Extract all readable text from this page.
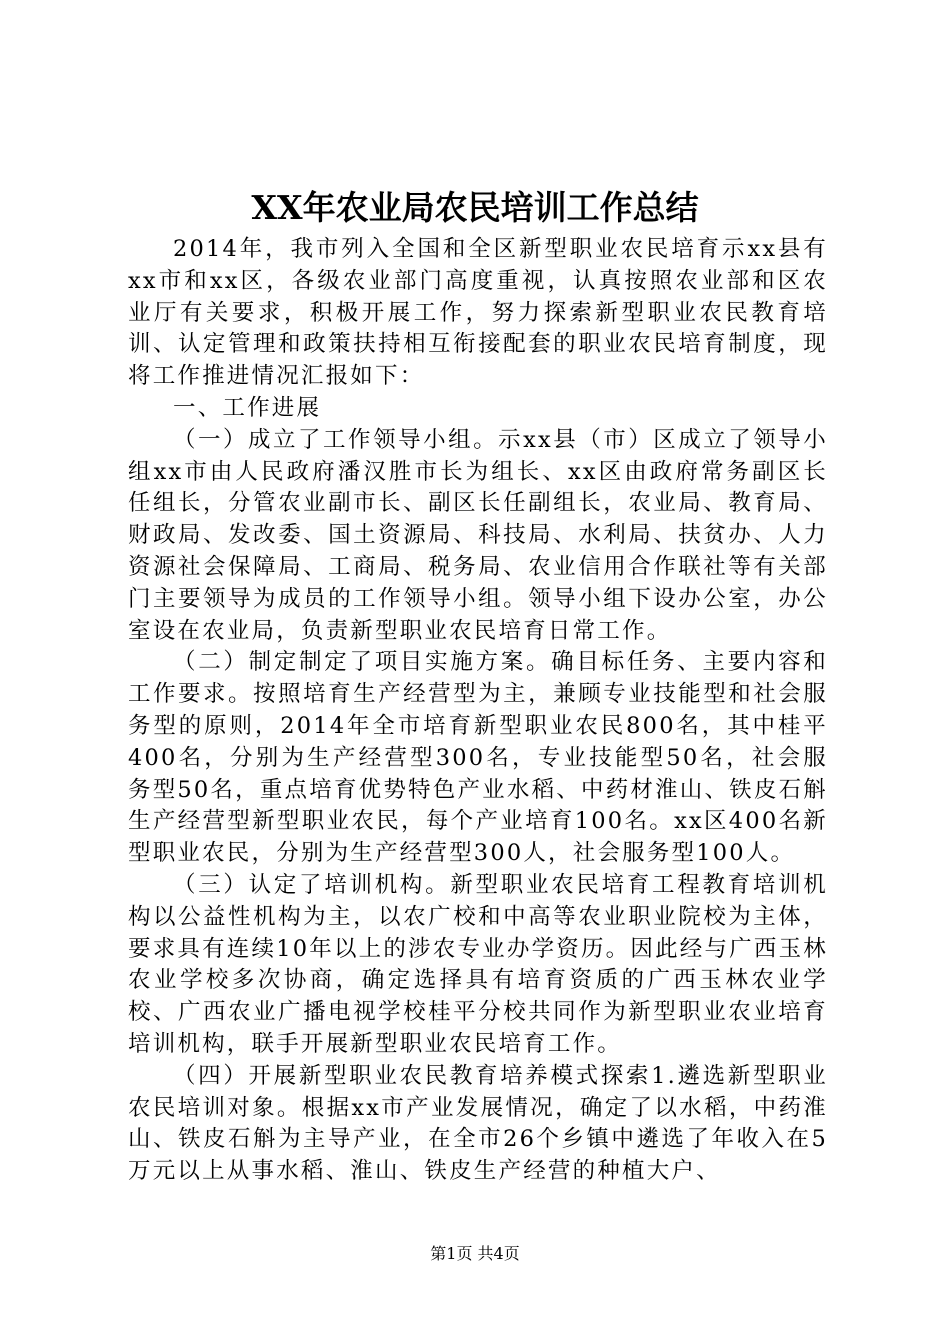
XX年农业局农民培训工作总结

2014年，我市列入全国和全区新型职业农民培育示xx县有xx市和xx区，各级农业部门高度重视，认真按照农业部和区农业厅有关要求，积极开展工作，努力探索新型职业农民教育培训、认定管理和政策扶持相互衔接配套的职业农民培育制度，现将工作推进情况汇报如下：

一、工作进展

（一）成立了工作领导小组。示xx县（市）区成立了领导小组xx市由人民政府潘汉胜市长为组长、xx区由政府常务副区长任组长，分管农业副市长、副区长任副组长，农业局、教育局、财政局、发改委、国土资源局、科技局、水利局、扶贫办、人力资源社会保障局、工商局、税务局、农业信用合作联社等有关部门主要领导为成员的工作领导小组。领导小组下设办公室，办公室设在农业局，负责新型职业农民培育日常工作。

（二）制定制定了项目实施方案。确目标任务、主要内容和工作要求。按照培育生产经营型为主，兼顾专业技能型和社会服务型的原则，2014年全市培育新型职业农民800名，其中桂平400名，分别为生产经营型300名，专业技能型50名，社会服务型50名，重点培育优势特色产业水稻、中药材淮山、铁皮石斛生产经营型新型职业农民，每个产业培育100名。xx区400名新型职业农民，分别为生产经营型300人，社会服务型100人。

（三）认定了培训机构。新型职业农民培育工程教育培训机构以公益性机构为主，以农广校和中高等农业职业院校为主体，要求具有连续10年以上的涉农专业办学资历。因此经与广西玉林农业学校多次协商，确定选择具有培育资质的广西玉林农业学校、广西农业广播电视学校桂平分校共同作为新型职业农业培育培训机构，联手开展新型职业农民培育工作。

（四）开展新型职业农民教育培养模式探索1.遴选新型职业农民培训对象。根据xx市产业发展情况，确定了以水稻，中药淮山、铁皮石斛为主导产业，在全市26个乡镇中遴选了年收入在5万元以上从事水稻、淮山、铁皮生产经营的种植大户、

第1页 共4页
